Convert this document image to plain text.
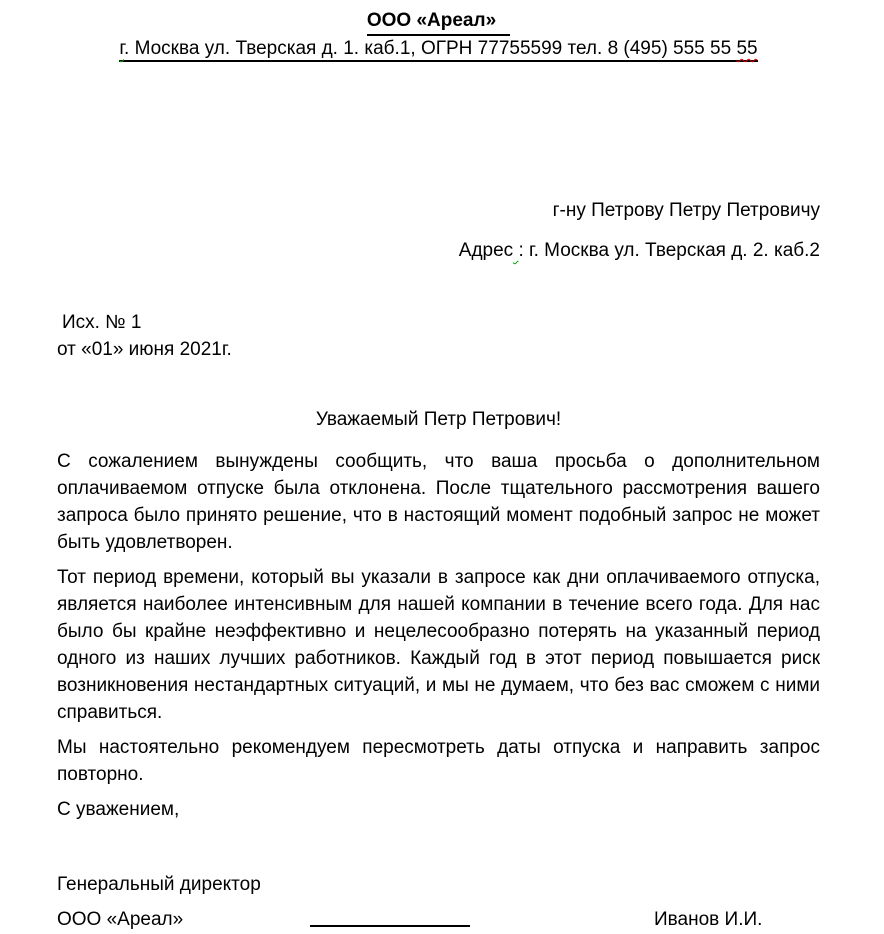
ООО «Ареал»
г. Москва ул. Тверская д. 1. каб.1, ОГРН 77755599 тел. 8 (495) 555 55 55
г-ну Петрову Петру Петровичу
Адрес : г. Москва ул. Тверская д. 2. каб.2
Исх. № 1
от «01» июня 2021г.
Уважаемый Петр Петрович!

С сожалением вынуждены сообщить, что ваша просьба о дополнительном оплачиваемом отпуске была отклонена. После тщательного рассмотрения вашего запроса было принято решение, что в настоящий момент подобный запрос не может быть удовлетворен.

Тот период времени, который вы указали в запросе как дни оплачиваемого отпуска, является наиболее интенсивным для нашей компании в течение всего года. Для нас было бы крайне неэффективно и нецелесообразно потерять на указанный период одного из наших лучших работников. Каждый год в этот период повышается риск возникновения нестандартных ситуаций, и мы не думаем, что без вас сможем с ними справиться.

Мы настоятельно рекомендуем пересмотреть даты отпуска и направить запрос повторно.

С уважением,

Генеральный директор
ООО «Ареал»	Иванов И.И.
